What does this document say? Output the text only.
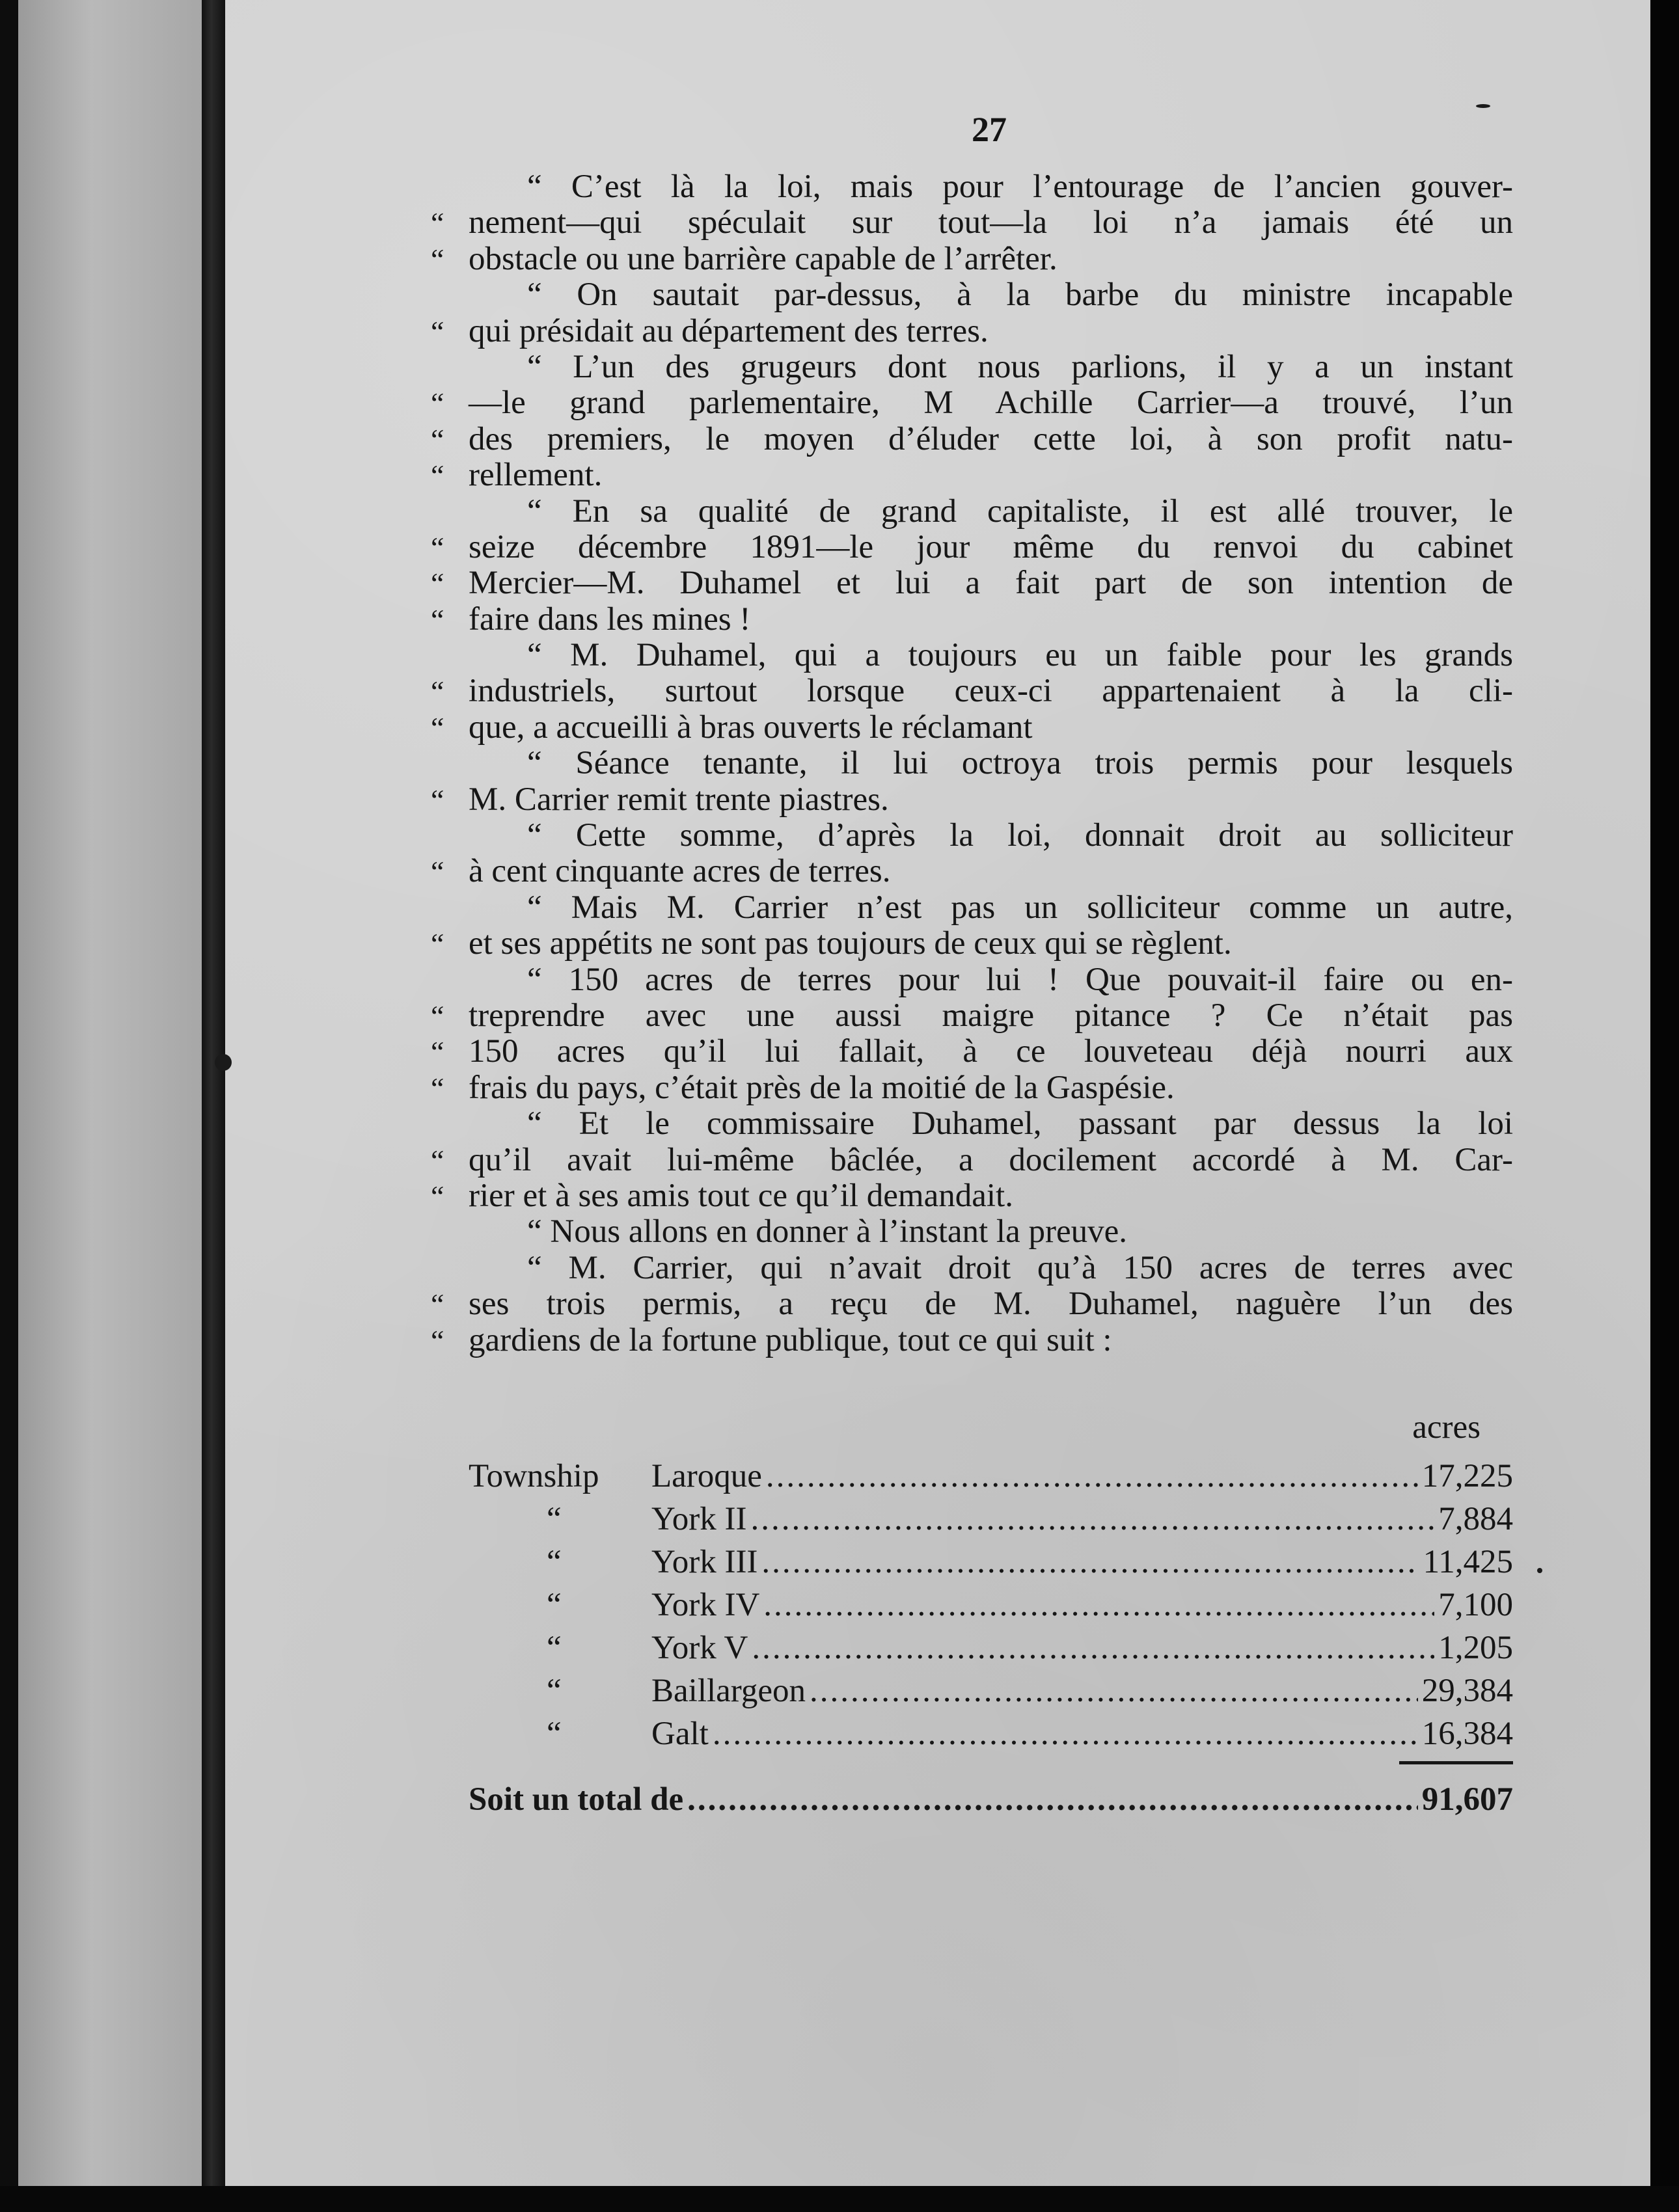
27

“ C’est là la loi, mais pour l’entourage de l’ancien gouver-
“ nement—qui spéculait sur tout—la loi n’a jamais été un
“ obstacle ou une barrière capable de l’arrêter.
“ On sautait par-dessus, à la barbe du ministre incapable
“ qui présidait au département des terres.
“ L’un des grugeurs dont nous parlions, il y a un instant
“ —le grand parlementaire, M Achille Carrier—a trouvé, l’un
“ des premiers, le moyen d’éluder cette loi, à son profit natu-
“ rellement.
“ En sa qualité de grand capitaliste, il est allé trouver, le
“ seize décembre 1891—le jour même du renvoi du cabinet
“ Mercier—M. Duhamel et lui a fait part de son intention de
“ faire dans les mines !
“ M. Duhamel, qui a toujours eu un faible pour les grands
“ industriels, surtout lorsque ceux-ci appartenaient à la cli-
“ que, a accueilli à bras ouverts le réclamant
“ Séance tenante, il lui octroya trois permis pour lesquels
“ M. Carrier remit trente piastres.
“ Cette somme, d’après la loi, donnait droit au solliciteur
“ à cent cinquante acres de terres.
“ Mais M. Carrier n’est pas un solliciteur comme un autre,
“ et ses appétits ne sont pas toujours de ceux qui se règlent.
“ 150 acres de terres pour lui ! Que pouvait-il faire ou en-
“ treprendre avec une aussi maigre pitance ? Ce n’était pas
“ 150 acres qu’il lui fallait, à ce louveteau déjà nourri aux
“ frais du pays, c’était près de la moitié de la Gaspésie.
“ Et le commissaire Duhamel, passant par dessus la loi
“ qu’il avait lui-même bâclée, a docilement accordé à M. Car-
“ rier et à ses amis tout ce qu’il demandait.
“ Nous allons en donner à l’instant la preuve.
“ M. Carrier, qui n’avait droit qu’à 150 acres de terres avec
“ ses trois permis, a reçu de M. Duhamel, naguère l’un des
“ gardiens de la fortune publique, tout ce qui suit :

acres

Township	Laroque .....	17,225
“	York II .....	7,884
“	York III .....	11,425
“	York IV .....	7,100
“	York V .....	1,205
“	Baillargeon .....	29,384
“	Galt .....	16,384
Soit un total de .....	91,607
